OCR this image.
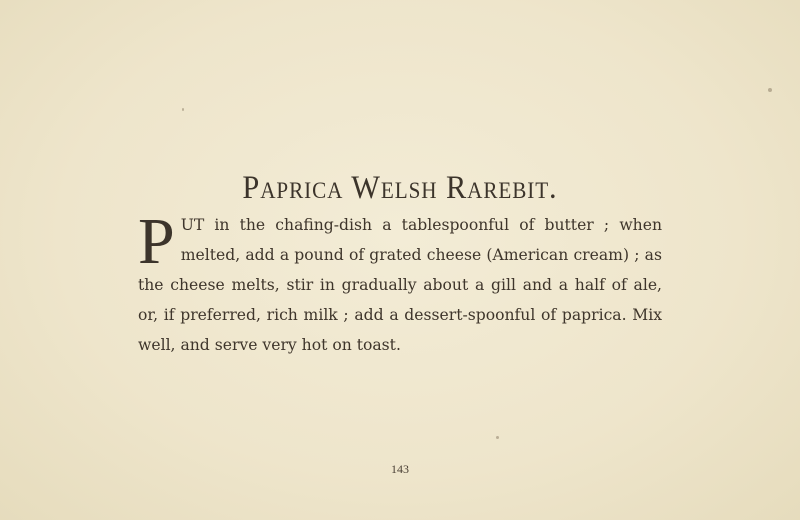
Paprica Welsh Rarebit.
PUT in the chafing-dish a tablespoonful of butter ; when melted, add a pound of grated cheese (American cream) ; as the cheese melts, stir in gradually about a gill and a half of ale, or, if preferred, rich milk ; add a dessert-spoonful of paprica. Mix well, and serve very hot on toast.
143
